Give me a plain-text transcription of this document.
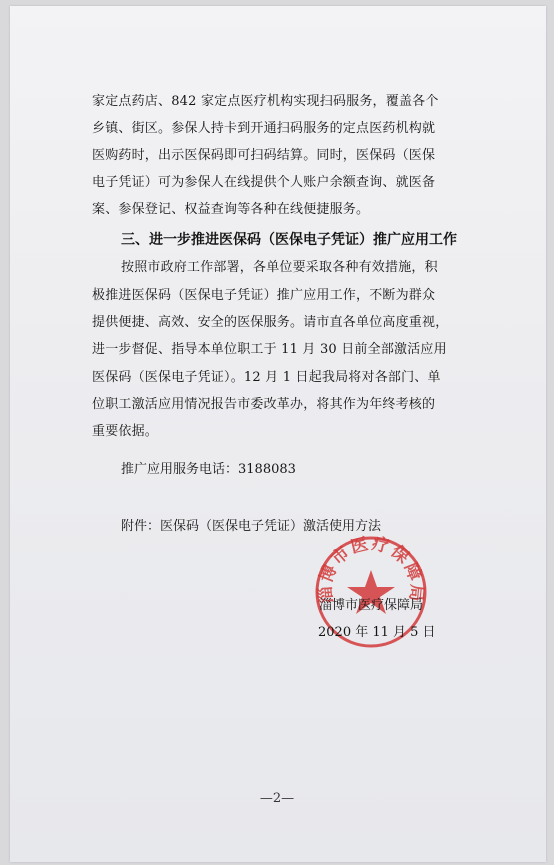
家定点药店、842 家定点医疗机构实现扫码服务，覆盖各个
乡镇、街区。参保人持卡到开通扫码服务的定点医药机构就
医购药时，出示医保码即可扫码结算。同时，医保码（医保
电子凭证）可为参保人在线提供个人账户余额查询、就医备
案、参保登记、权益查询等各种在线便捷服务。
三、进一步推进医保码（医保电子凭证）推广应用工作
按照市政府工作部署，各单位要采取各种有效措施，积
极推进医保码（医保电子凭证）推广应用工作，不断为群众
提供便捷、高效、安全的医保服务。请市直各单位高度重视，
进一步督促、指导本单位职工于 11 月 30 日前全部激活应用
医保码（医保电子凭证）。12 月 1 日起我局将对各部门、单
位职工激活应用情况报告市委改革办，将其作为年终考核的
重要依据。
推广应用服务电话：3188083
附件：医保码（医保电子凭证）激活使用方法
淄博市医疗保障局
淄博市医疗保障局
2020 年 11 月 5 日
—2—
